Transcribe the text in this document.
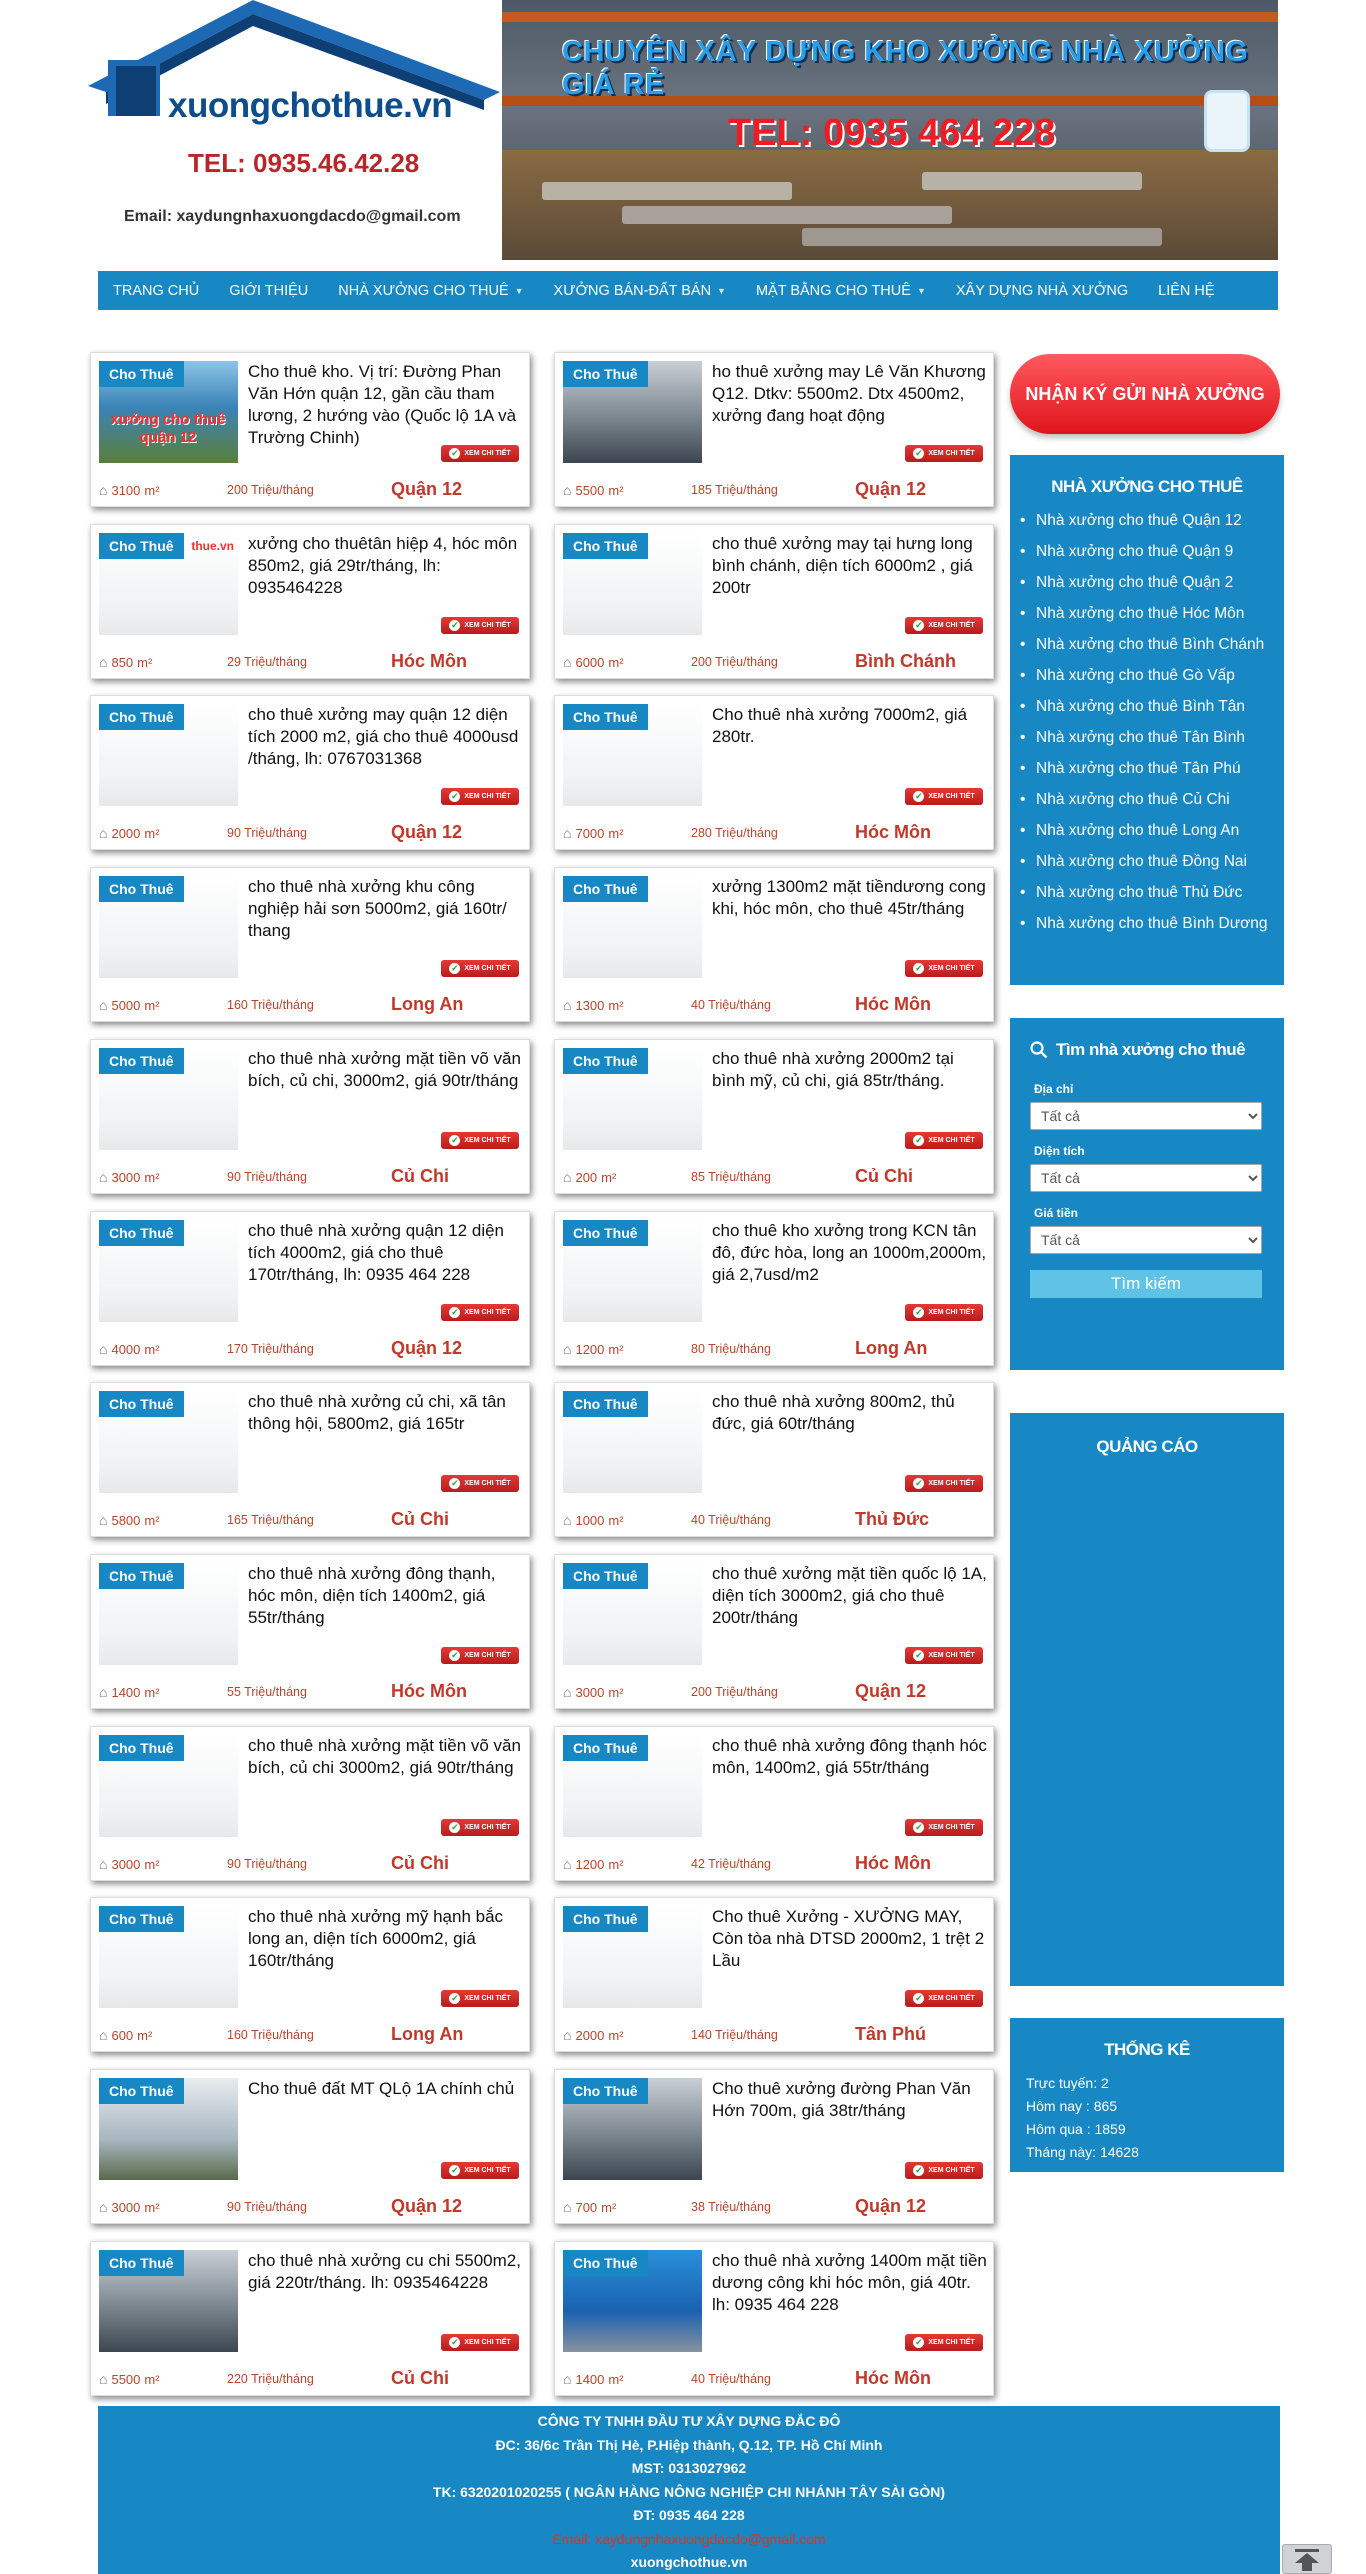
xuongchothue.vn
TEL: 0935.46.42.28
Email: xaydungnhaxuongdacdo@gmail.com
CHUYÊN XÂY DỰNG KHO XƯỞNG NHÀ XƯỞNG GIÁ RẺ
TEL: 0935 464 228
TRANG CHỦ GIỚI THIỆU NHÀ XƯỞNG CHO THUÊ ▼ XƯỞNG BÁN-ĐẤT BÁN ▼ MẶT BẰNG CHO THUÊ ▼ XÂY DỰNG NHÀ XƯỞNG LIÊN HỆ
xưởng cho thuê
quận 12
Cho Thuê	Cho thuê kho. Vị trí: Đường Phan Văn Hớn quận 12, gần cầu tham lương, 2 hướng vào (Quốc lộ 1A và Trường Chinh)
✔ XEM CHI TIẾT
⌂ 3100 m²	200 Triệu/tháng	Quận 12
Cho Thuê	ho thuê xưởng may Lê Văn Khương Q12. Dtkv: 5500m2. Dtx 4500m2, xưởng đang hoạt động
✔ XEM CHI TIẾT
⌂ 5500 m²	185 Triệu/tháng	Quận 12
thue.vn
Cho Thuê	xưởng cho thuêtân hiệp 4, hóc môn 850m2, giá 29tr/tháng, lh: 0935464228
✔ XEM CHI TIẾT
⌂ 850 m²	29 Triệu/tháng	Hóc Môn
Cho Thuê	cho thuê xưởng may tại hưng long bình chánh, diện tích 6000m2 , giá 200tr
✔ XEM CHI TIẾT
⌂ 6000 m²	200 Triệu/tháng	Bình Chánh
Cho Thuê	cho thuê xưởng may quận 12 diện tích 2000 m2, giá cho thuê 4000usd /tháng, lh: 0767031368
✔ XEM CHI TIẾT
⌂ 2000 m²	90 Triệu/tháng	Quận 12
Cho Thuê	Cho thuê nhà xưởng 7000m2, giá 280tr.
✔ XEM CHI TIẾT
⌂ 7000 m²	280 Triệu/tháng	Hóc Môn
Cho Thuê	cho thuê nhà xưởng khu công nghiệp hải sơn 5000m2, giá 160tr/ thang
✔ XEM CHI TIẾT
⌂ 5000 m²	160 Triệu/tháng	Long An
Cho Thuê	xưởng 1300m2 mặt tiềndương cong khi, hóc môn, cho thuê 45tr/tháng
✔ XEM CHI TIẾT
⌂ 1300 m²	40 Triệu/tháng	Hóc Môn
Cho Thuê	cho thuê nhà xưởng mặt tiền võ văn bích, củ chi, 3000m2, giá 90tr/tháng
✔ XEM CHI TIẾT
⌂ 3000 m²	90 Triệu/tháng	Củ Chi
Cho Thuê	cho thuê nhà xưởng 2000m2 tại bình mỹ, củ chi, giá 85tr/tháng.
✔ XEM CHI TIẾT
⌂ 200 m²	85 Triệu/tháng	Củ Chi
Cho Thuê	cho thuê nhà xưởng quận 12 diện tích 4000m2, giá cho thuê 170tr/tháng, lh: 0935 464 228
✔ XEM CHI TIẾT
⌂ 4000 m²	170 Triệu/tháng	Quận 12
Cho Thuê	cho thuê kho xưởng trong KCN tân đô, đức hòa, long an 1000m,2000m, giá 2,7usd/m2
✔ XEM CHI TIẾT
⌂ 1200 m²	80 Triệu/tháng	Long An
Cho Thuê	cho thuê nhà xưởng củ chi, xã tân thông hội, 5800m2, giá 165tr
✔ XEM CHI TIẾT
⌂ 5800 m²	165 Triệu/tháng	Củ Chi
Cho Thuê	cho thuê nhà xưởng 800m2, thủ đức, giá 60tr/tháng
✔ XEM CHI TIẾT
⌂ 1000 m²	40 Triệu/tháng	Thủ Đức
Cho Thuê	cho thuê nhà xưởng đông thạnh, hóc môn, diện tích 1400m2, giá 55tr/tháng
✔ XEM CHI TIẾT
⌂ 1400 m²	55 Triệu/tháng	Hóc Môn
Cho Thuê	cho thuê xưởng mặt tiền quốc lộ 1A, diện tích 3000m2, giá cho thuê 200tr/tháng
✔ XEM CHI TIẾT
⌂ 3000 m²	200 Triệu/tháng	Quận 12
Cho Thuê	cho thuê nhà xưởng mặt tiền võ văn bích, củ chi 3000m2, giá 90tr/tháng
✔ XEM CHI TIẾT
⌂ 3000 m²	90 Triệu/tháng	Củ Chi
Cho Thuê	cho thuê nhà xưởng đông thạnh hóc môn, 1400m2, giá 55tr/tháng
✔ XEM CHI TIẾT
⌂ 1200 m²	42 Triệu/tháng	Hóc Môn
Cho Thuê	cho thuê nhà xưởng mỹ hạnh bắc long an, diện tích 6000m2, giá 160tr/tháng
✔ XEM CHI TIẾT
⌂ 600 m²	160 Triệu/tháng	Long An
Cho Thuê	Cho thuê Xưởng - XƯỞNG MAY, Còn tòa nhà DTSD 2000m2, 1 trệt 2 Lầu
✔ XEM CHI TIẾT
⌂ 2000 m²	140 Triệu/tháng	Tân Phú
Cho Thuê	Cho thuê đất MT QLộ 1A chính chủ
✔ XEM CHI TIẾT
⌂ 3000 m²	90 Triệu/tháng	Quận 12
Cho Thuê	Cho thuê xưởng đường Phan Văn Hớn 700m, giá 38tr/tháng
✔ XEM CHI TIẾT
⌂ 700 m²	38 Triệu/tháng	Quận 12
Cho Thuê	cho thuê nhà xưởng cu chi 5500m2, giá 220tr/tháng. lh: 0935464228
✔ XEM CHI TIẾT
⌂ 5500 m²	220 Triệu/tháng	Củ Chi
Cho Thuê	cho thuê nhà xưởng 1400m mặt tiền dương công khi hóc môn, giá 40tr. lh: 0935 464 228
✔ XEM CHI TIẾT
⌂ 1400 m²	40 Triệu/tháng	Hóc Môn
NHẬN KÝ GỬI NHÀ XƯỞNG
NHÀ XƯỞNG CHO THUÊ
• Nhà xưởng cho thuê Quận 12
• Nhà xưởng cho thuê Quận 9
• Nhà xưởng cho thuê Quận 2
• Nhà xưởng cho thuê Hóc Môn
• Nhà xưởng cho thuê Bình Chánh
• Nhà xưởng cho thuê Gò Vấp
• Nhà xưởng cho thuê Bình Tân
• Nhà xưởng cho thuê Tân Bình
• Nhà xưởng cho thuê Tân Phú
• Nhà xưởng cho thuê Củ Chi
• Nhà xưởng cho thuê Long An
• Nhà xưởng cho thuê Đồng Nai
• Nhà xưởng cho thuê Thủ Đức
• Nhà xưởng cho thuê Bình Dương
Tìm nhà xưởng cho thuê
Địa chỉ
Tất cả
Diện tích
Tất cả
Giá tiền
Tất cả Tìm kiếm
QUẢNG CÁO
THỐNG KÊ
Trực tuyến: 2
Hôm nay : 865
Hôm qua : 1859
Tháng này: 14628
CÔNG TY TNHH ĐẦU TƯ XÂY DỰNG ĐẮC ĐÔ
ĐC: 36/6c Trần Thị Hè, P.Hiệp thành, Q.12, TP. Hồ Chí Minh
MST: 0313027962
TK: 6320201020255 ( NGÂN HÀNG NÔNG NGHIỆP CHI NHÁNH TÂY SÀI GÒN)
ĐT: 0935 464 228
Email: xaydungnhaxuongdacdo@gmail.com
xuongchothue.vn
